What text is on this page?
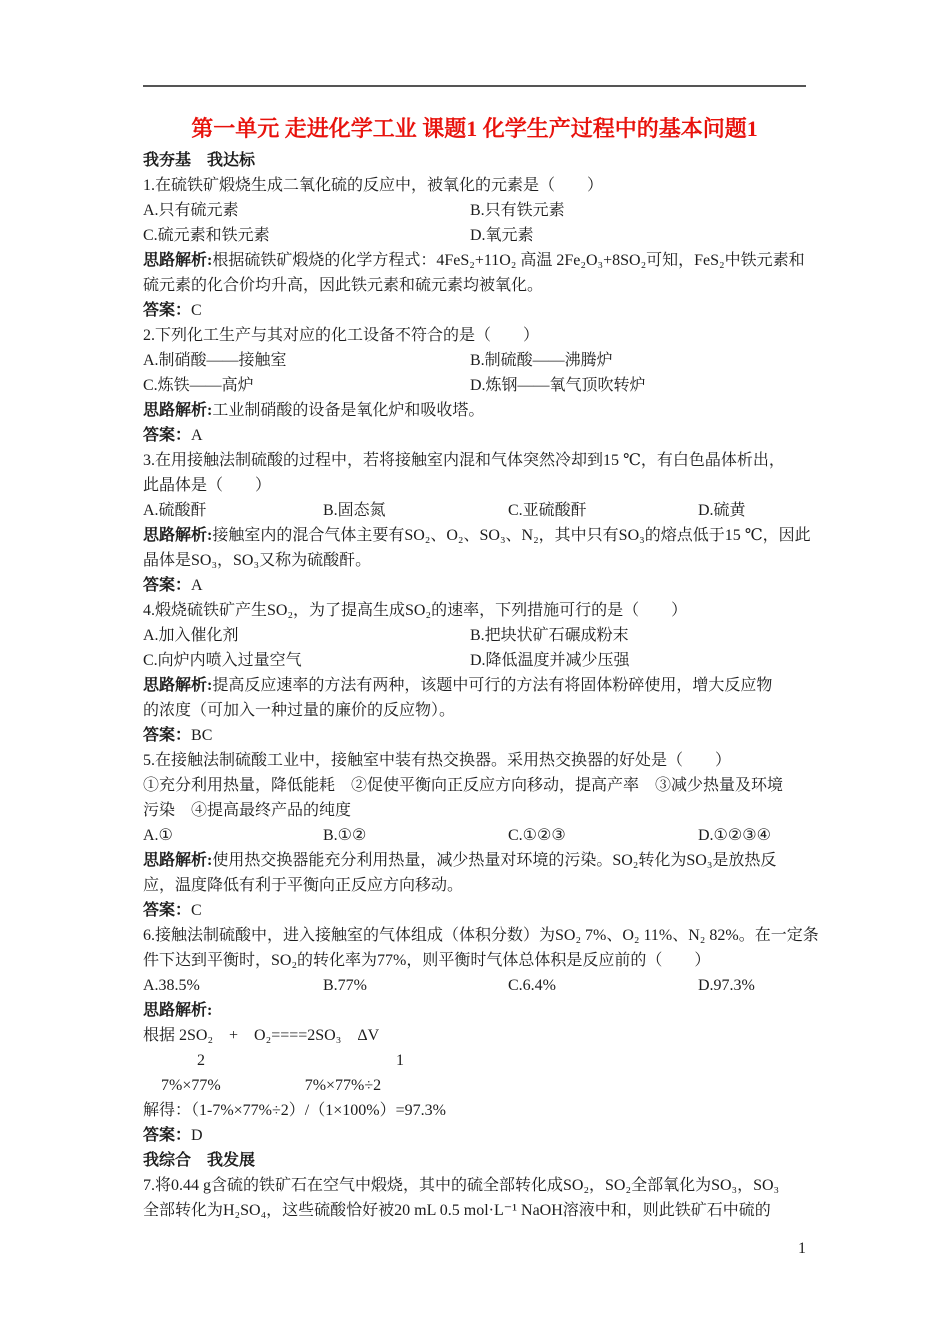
第一单元 走进化学工业 课题1 化学生产过程中的基本问题1
我夯基　我达标
1.在硫铁矿煅烧生成二氧化硫的反应中，被氧化的元素是（　　）
A.只有硫元素	B.只有铁元素
C.硫元素和铁元素	D.氧元素
思路解析:根据硫铁矿煅烧的化学方程式：4FeS₂+11O₂ 高温 2Fe₂O₃+8SO₂可知，FeS₂中铁元素和
硫元素的化合价均升高，因此铁元素和硫元素均被氧化。
答案：C
2.下列化工生产与其对应的化工设备不符合的是（　　）
A.制硝酸——接触室	B.制硫酸——沸腾炉
C.炼铁——高炉	D.炼钢——氧气顶吹转炉
思路解析:工业制硝酸的设备是氧化炉和吸收塔。
答案：A
3.在用接触法制硫酸的过程中，若将接触室内混和气体突然冷却到15 ℃，有白色晶体析出，
此晶体是（　　）
A.硫酸酐	B.固态氮	C.亚硫酸酐	D.硫黄
思路解析:接触室内的混合气体主要有SO₂、O₂、SO₃、N₂，其中只有SO₃的熔点低于15 ℃，因此
晶体是SO₃，SO₃又称为硫酸酐。
答案：A
4.煅烧硫铁矿产生SO₂，为了提高生成SO₂的速率，下列措施可行的是（　　）
A.加入催化剂	B.把块状矿石碾成粉末
C.向炉内喷入过量空气	D.降低温度并减少压强
思路解析:提高反应速率的方法有两种，该题中可行的方法有将固体粉碎使用，增大反应物
的浓度（可加入一种过量的廉价的反应物）。
答案：BC
5.在接触法制硫酸工业中，接触室中装有热交换器。采用热交换器的好处是（　　）
①充分利用热量，降低能耗　②促使平衡向正反应方向移动，提高产率　③减少热量及环境
污染　④提高最终产品的纯度
A.①	B.①②	C.①②③	D.①②③④
思路解析:使用热交换器能充分利用热量，减少热量对环境的污染。SO₂转化为SO₃是放热反
应，温度降低有利于平衡向正反应方向移动。
答案：C
6.接触法制硫酸中，进入接触室的气体组成（体积分数）为SO₂ 7%、O₂ 11%、N₂ 82%。在一定条
件下达到平衡时，SO₂的转化率为77%，则平衡时气体总体积是反应前的（　　）
A.38.5%	B.77%	C.6.4%	D.97.3%
思路解析:
根据 2SO₂　+　O₂====2SO₃　ΔV
2	1
7%×77%	7%×77%÷2
解得：（1-7%×77%÷2）/（1×100%）=97.3%
答案：D
我综合　我发展
7.将0.44 g含硫的铁矿石在空气中煅烧，其中的硫全部转化成SO₂，SO₂全部氧化为SO₃，SO₃
全部转化为H₂SO₄，这些硫酸恰好被20 mL 0.5 mol·L⁻¹ NaOH溶液中和，则此铁矿石中硫的
1
